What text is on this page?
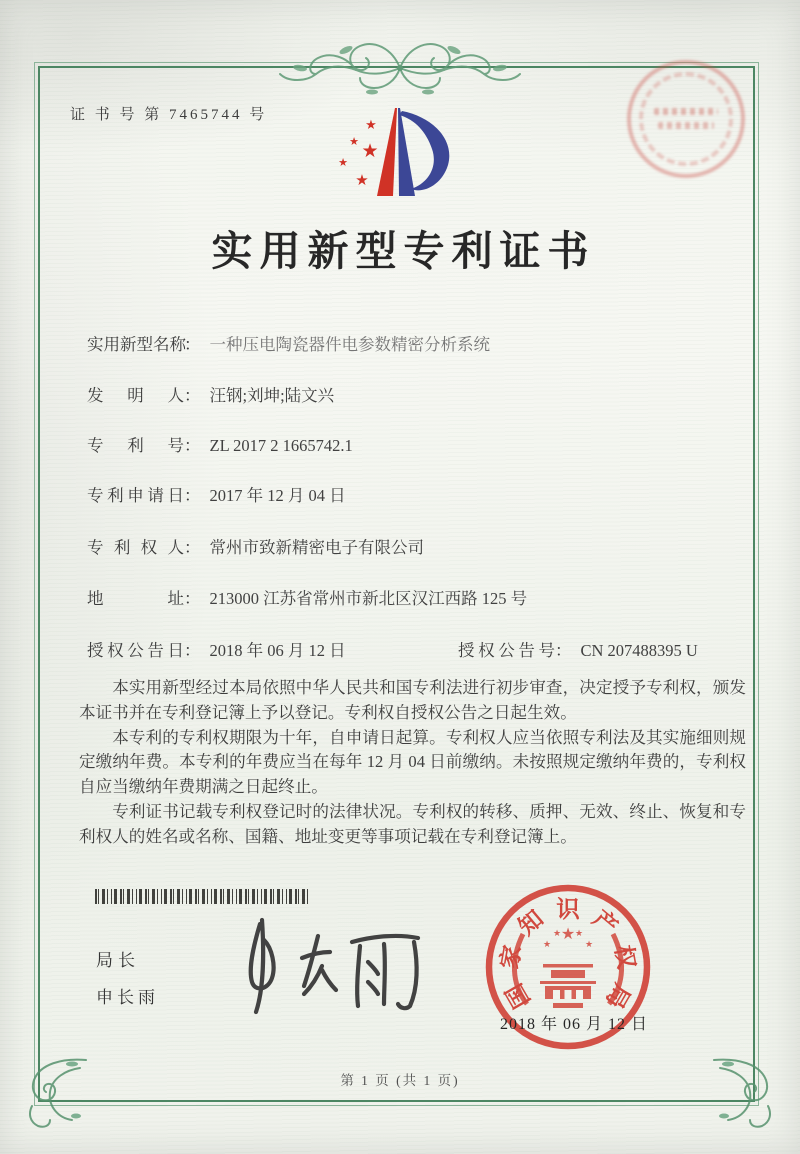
证 书 号 第 7465744 号
★
★ ★
★
★
实用新型专利证书
实用新型名称： 一种压电陶瓷器件电参数精密分析系统
发明人： 汪钢;刘坤;陆文兴
专利号： ZL 2017 2 1665742.1
专利申请日： 2017 年 12 月 04 日
专利权人： 常州市致新精密电子有限公司
地址： 213000 江苏省常州市新北区汉江西路 125 号
授权公告日： 2018 年 06 月 12 日	授权公告号： CN 207488395 U

本实用新型经过本局依照中华人民共和国专利法进行初步审查，决定授予专利权，颁发本证书并在专利登记簿上予以登记。专利权自授权公告之日起生效。

本专利的专利权期限为十年，自申请日起算。专利权人应当依照专利法及其实施细则规定缴纳年费。本专利的年费应当在每年 12 月 04 日前缴纳。未按照规定缴纳年费的，专利权自应当缴纳年费期满之日起终止。

专利证书记载专利权登记时的法律状况。专利权的转移、质押、无效、终止、恢复和专利权人的姓名或名称、国籍、地址变更等事项记载在专利登记簿上。

局长
申长雨	国
家
知 识 产
权
局
★
★
★ ★
★
2018 年 06 月 12 日
第 1 页 (共 1 页)
